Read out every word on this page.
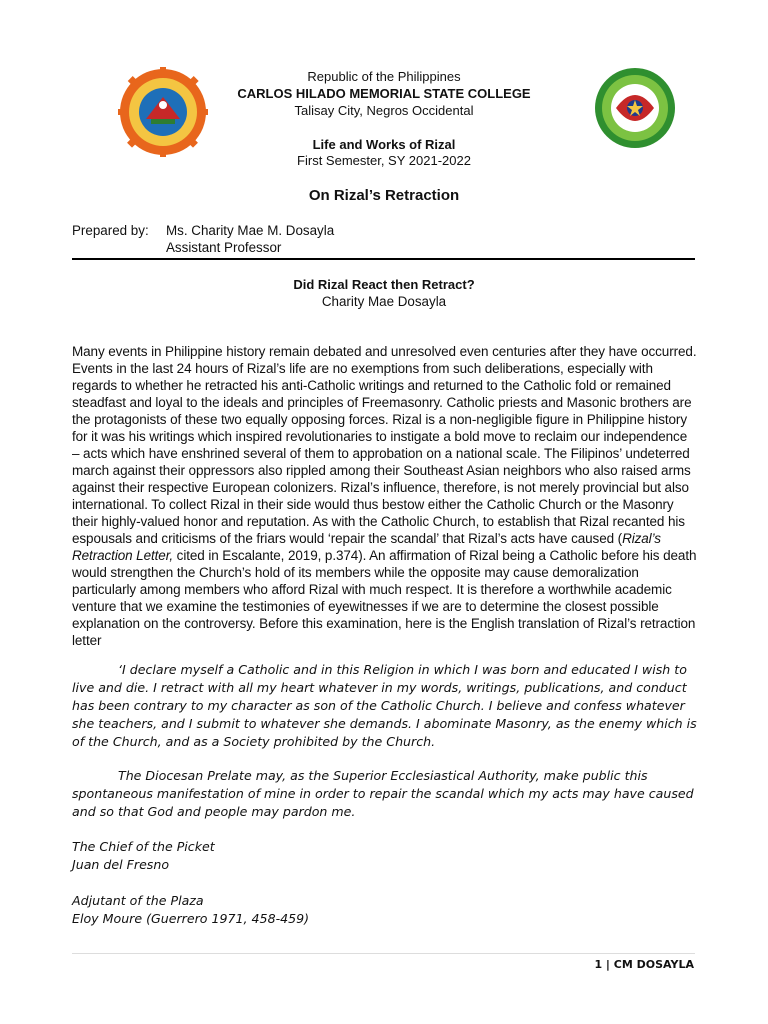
Republic of the Philippines
CARLOS HILADO MEMORIAL STATE COLLEGE
Talisay City, Negros Occidental
Life and Works of Rizal
First Semester, SY 2021-2022
On Rizal’s Retraction
Prepared by: Ms. Charity Mae M. Dosayla
Assistant Professor
Did Rizal React then Retract?
Charity Mae Dosayla
Many events in Philippine history remain debated and unresolved even centuries after they have occurred. Events in the last 24 hours of Rizal’s life are no exemptions from such deliberations, especially with regards to whether he retracted his anti-Catholic writings and returned to the Catholic fold or remained steadfast and loyal to the ideals and principles of Freemasonry. Catholic priests and Masonic brothers are the protagonists of these two equally opposing forces. Rizal is a non-negligible figure in Philippine history for it was his writings which inspired revolutionaries to instigate a bold move to reclaim our independence – acts which have enshrined several of them to approbation on a national scale. The Filipinos’ undeterred march against their oppressors also rippled among their Southeast Asian neighbors who also raised arms against their respective European colonizers. Rizal’s influence, therefore, is not merely provincial but also international. To collect Rizal in their side would thus bestow either the Catholic Church or the Masonry their highly-valued honor and reputation. As with the Catholic Church, to establish that Rizal recanted his espousals and criticisms of the friars would ‘repair the scandal’ that Rizal’s acts have caused (Rizal’s Retraction Letter, cited in Escalante, 2019, p.374). An affirmation of Rizal being a Catholic before his death would strengthen the Church’s hold of its members while the opposite may cause demoralization particularly among members who afford Rizal with much respect. It is therefore a worthwhile academic venture that we examine the testimonies of eyewitnesses if we are to determine the closest possible explanation on the controversy. Before this examination, here is the English translation of Rizal’s retraction letter
‘I declare myself a Catholic and in this Religion in which I was born and educated I wish to live and die. I retract with all my heart whatever in my words, writings, publications, and conduct has been contrary to my character as son of the Catholic Church. I believe and confess whatever she teachers, and I submit to whatever she demands. I abominate Masonry, as the enemy which is of the Church, and as a Society prohibited by the Church.
The Diocesan Prelate may, as the Superior Ecclesiastical Authority, make public this spontaneous manifestation of mine in order to repair the scandal which my acts may have caused and so that God and people may pardon me.
The Chief of the Picket
Juan del Fresno
Adjutant of the Plaza
Eloy Moure (Guerrero 1971, 458-459)
1 | CM DOSAYLA
